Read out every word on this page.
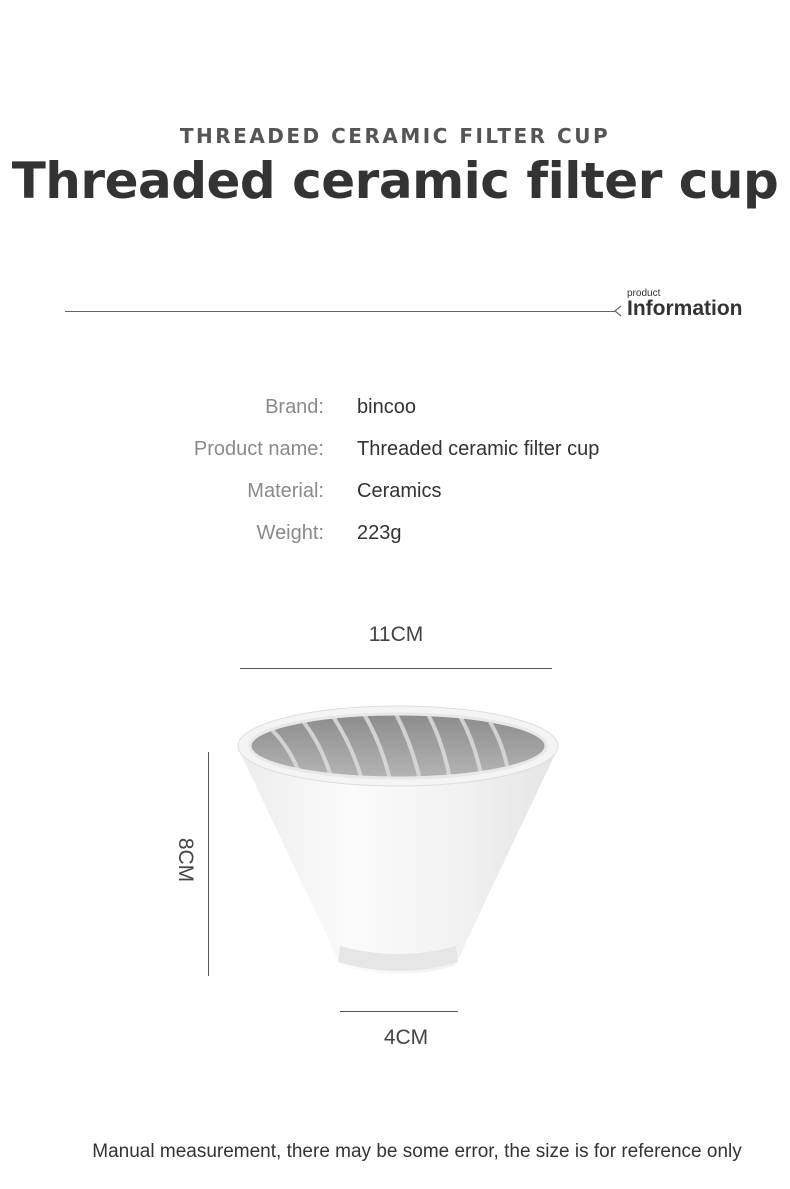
THREADED CERAMIC FILTER CUP
Threaded ceramic filter cup
product
Information
Brand: bincoo
Product name: Threaded ceramic filter cup
Material: Ceramics
Weight: 223g
11CM
8CM
4CM
Manual measurement, there may be some error, the size is for reference only
